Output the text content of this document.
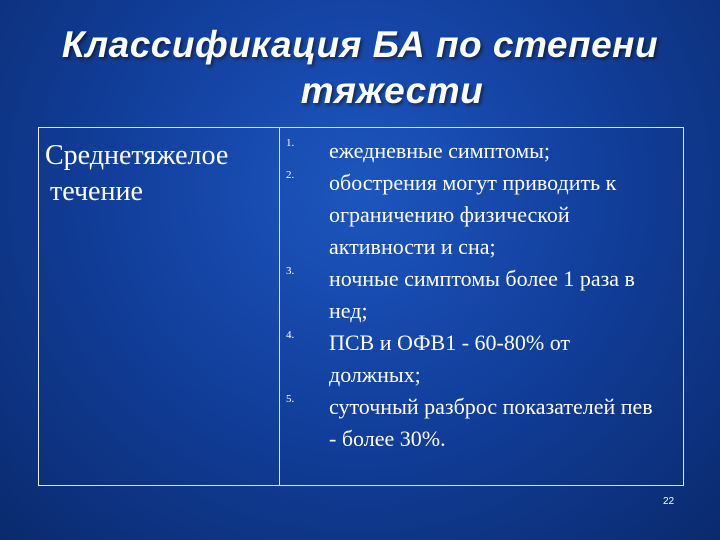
Классификация БА по степени
тяжести
Среднетяжелое
течение
1. ежедневные симптомы;
2. обострения могут приводить к ограничению физической активности и сна;
3. ночные симптомы более 1 раза в нед;
4. ПСВ и ОФВ1 - 60-80% от должных;
5. суточный разброс показателей пев - более 30%.
22
